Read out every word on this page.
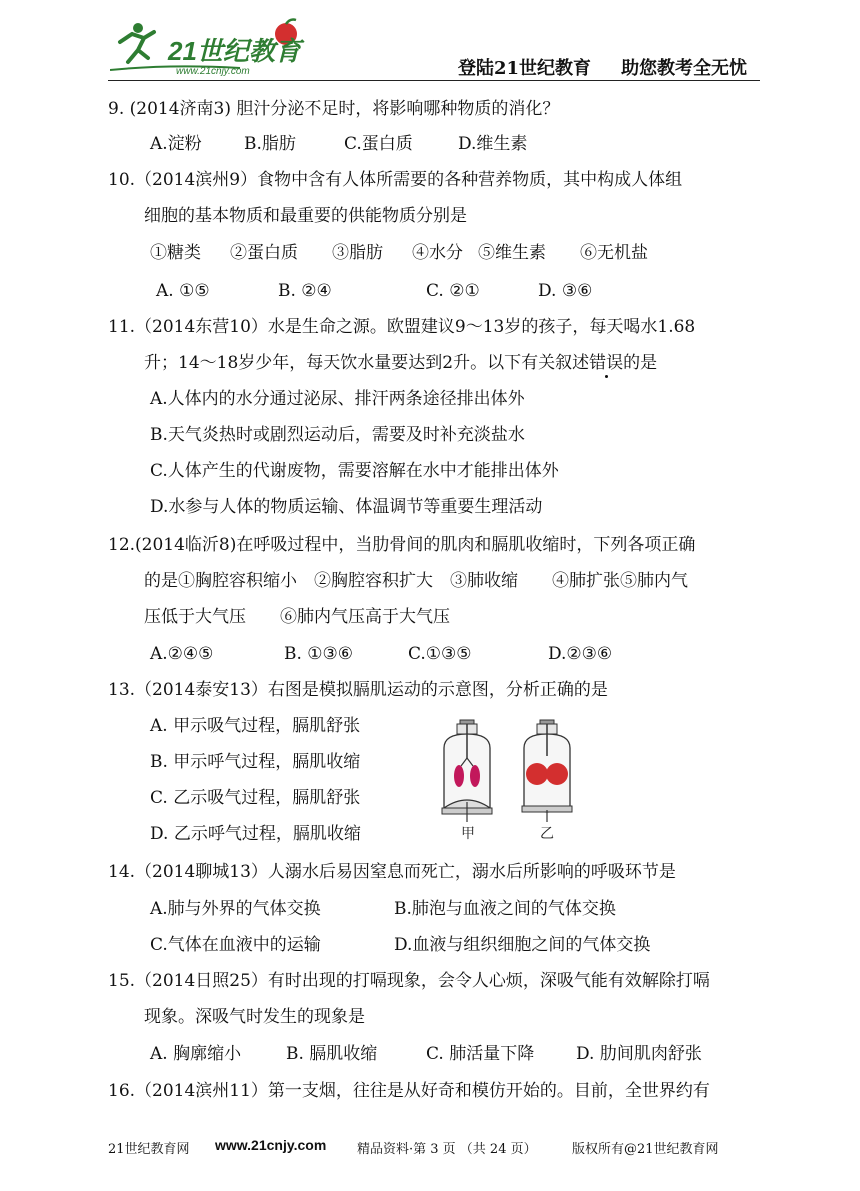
21世纪教育
www.21cnjy.com	登陆21世纪教育 助您教考全无忧
9. (2014济南3) 胆汁分泌不足时，将影响哪种物质的消化？
A.淀粉 B.脂肪	C.蛋白质	D.维生素
10.（2014滨州9）食物中含有人体所需要的各种营养物质，其中构成人体组
细胞的基本物质和最重要的供能物质分别是
①糖类 ②蛋白质 ③脂肪 ④水分 ⑤维生素 ⑥无机盐
A. ①⑤	B. ②④	C. ②①	D. ③⑥
11.（2014东营10）水是生命之源。欧盟建议9～13岁的孩子，每天喝水1.68
升；14～18岁少年，每天饮水量要达到2升。以下有关叙述错误的是
A.人体内的水分通过泌尿、排汗两条途径排出体外
B.天气炎热时或剧烈运动后，需要及时补充淡盐水
C.人体产生的代谢废物，需要溶解在水中才能排出体外
D.水参与人体的物质运输、体温调节等重要生理活动
12.(2014临沂8)在呼吸过程中，当肋骨间的肌肉和膈肌收缩时，下列各项正确
的是①胸腔容积缩小　②胸腔容积扩大　③肺收缩　　④肺扩张⑤肺内气
压低于大气压　　⑥肺内气压高于大气压
A.②④⑤	B. ①③⑥	C.①③⑤	D.②③⑥
13.（2014泰安13）右图是模拟膈肌运动的示意图，分析正确的是
A. 甲示吸气过程，膈肌舒张
B. 甲示呼气过程，膈肌收缩
C. 乙示吸气过程，膈肌舒张
D. 乙示呼气过程，膈肌收缩	甲	乙
14.（2014聊城13）人溺水后易因窒息而死亡，溺水后所影响的呼吸环节是
A.肺与外界的气体交换	B.肺泡与血液之间的气体交换
C.气体在血液中的运输	D.血液与组织细胞之间的气体交换
15.（2014日照25）有时出现的打嗝现象，会令人心烦，深吸气能有效解除打嗝
现象。深吸气时发生的现象是
A. 胸廓缩小	B. 膈肌收缩	C. 肺活量下降 D. 肋间肌肉舒张
16.（2014滨州11）第一支烟，往往是从好奇和模仿开始的。目前，全世界约有
21世纪教育网 www.21cnjy.com 精品资料·第 3 页 （共 24 页）	版权所有@21世纪教育网
